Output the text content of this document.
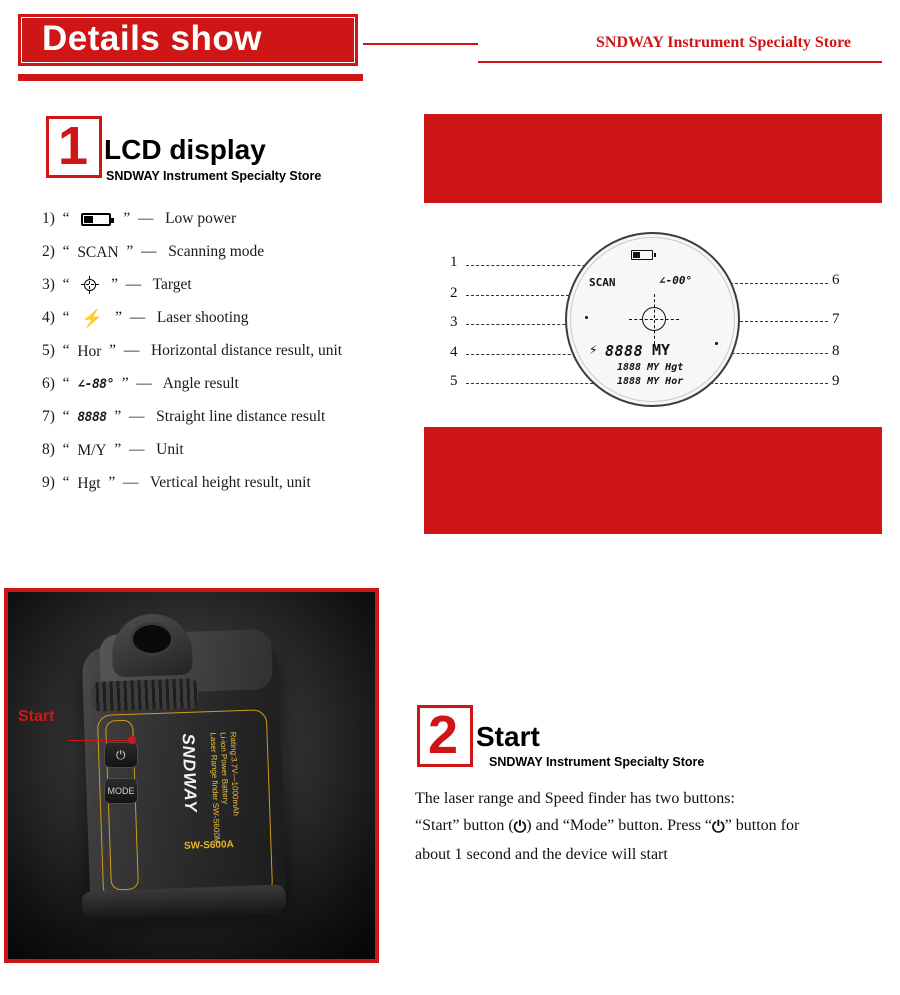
Details show	SNDWAY Instrument Specialty Store
1 LCD display
SNDWAY Instrument Specialty Store
1)  “	”  — Low power
2)  “  SCAN  ”  — Scanning mode
3)  “
”  — Target
4)  “  ⚡  ”  — Laser shooting
5)  “  Hor  ”  — Horizontal distance result, unit
6)  “  ∠-88°  ”  — Angle result
7)  “  8888  ”  — Straight line distance result
8)  “  M/Y  ”  — Unit
9)  “  Hgt  ”  — Vertical height result, unit
1
2
3
4
5
6
7
8
9
SCAN	∠-00°
⚡ 8888 MY
1888 MY Hgt
1888 MY Hor
⏻
MODE	SNDWAY Laser Range finder SW-S600M
Li-ion Power Battery
Rating:3.7V—1000mAh
SW-S600A
Start	2 Start
SNDWAY Instrument Specialty Store
The laser range and Speed finder has two buttons:
“Start” button (⏻) and “Mode” button. Press “⏻” button for
about 1 second and the device will start
